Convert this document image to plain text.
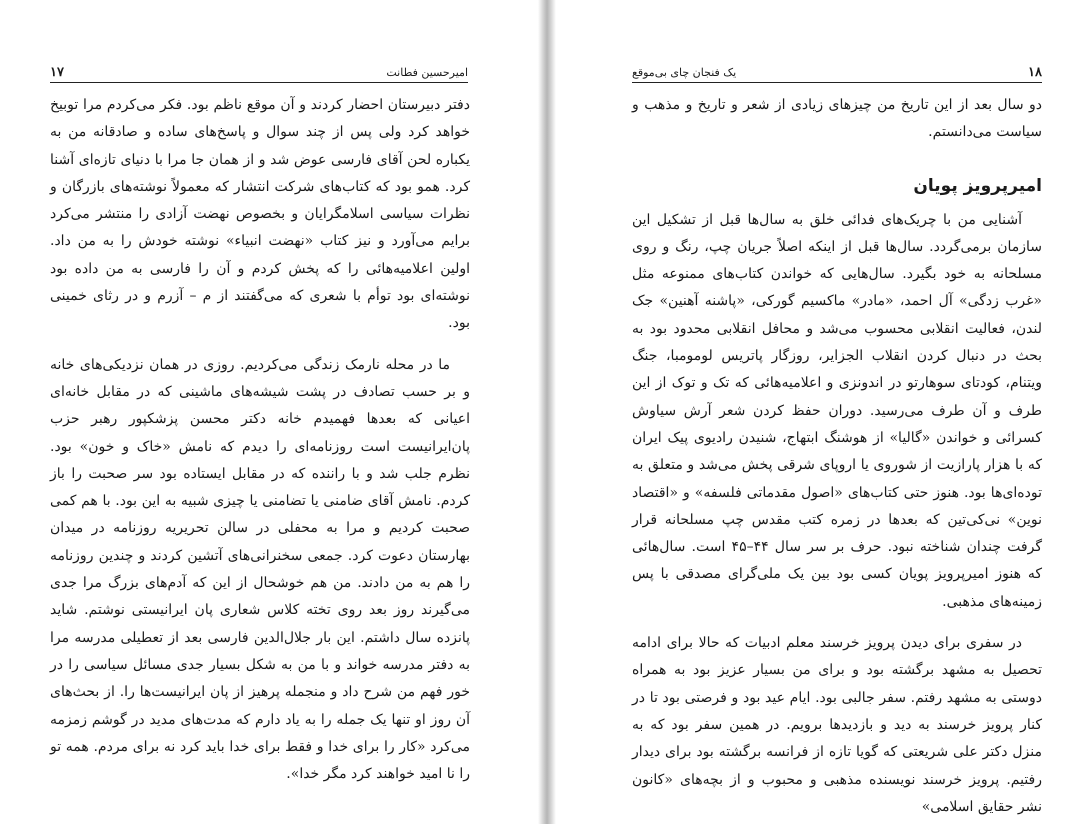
امیرحسین فطانت
۱۷

دفتر دبیرستان احضار کردند و آن موقع ناظم بود. فکر می‌کردم مرا توبیخ خواهد کرد ولی پس از چند سوال و پاسخ‌های ساده و صادقانه من به یکباره لحن آقای فارسی عوض شد و از همان جا مرا با دنیای تازه‌ای آشنا کرد. همو بود که کتاب‌های شرکت انتشار که معمولاً نوشته‌های بازرگان و نظرات سیاسی اسلامگرایان و بخصوص نهضت آزادی را منتشر می‌کرد برایم می‌آورد و نیز کتاب «نهضت انبیاء» نوشته خودش را به من داد. اولین اعلامیه‌هائی را که پخش کردم و آن را فارسی به من داده بود نوشته‌ای بود توأم با شعری که می‌گفتند از م – آزرم و در رثای خمینی بود.

ما در محله نارمک زندگی می‌کردیم. روزی در همان نزدیکی‌های خانه و بر حسب تصادف در پشت شیشه‌های ماشینی که در مقابل خانه‌ای اعیانی که بعدها فهمیدم خانه دکتر محسن پزشکپور رهبر حزب پان‌ایرانیست است روزنامه‌ای را دیدم که نامش «خاک و خون» بود. نظرم جلب شد و با راننده که در مقابل ایستاده بود سر صحبت را باز کردم. نامش آقای ضامنی یا تضامنی یا چیزی شبیه به این بود. با هم کمی صحبت کردیم و مرا به محفلی در سالن تحریریه روزنامه در میدان بهارستان دعوت کرد. جمعی سخنرانی‌های آتشین کردند و چندین روزنامه را هم به من دادند. من هم خوشحال از این که آدم‌های بزرگ مرا جدی می‌گیرند روز بعد روی تخته کلاس شعاری پان ایرانیستی نوشتم. شاید پانزده سال داشتم. این بار جلال‌الدین فارسی بعد از تعطیلی مدرسه مرا به دفتر مدرسه خواند و با من به شکل بسیار جدی مسائل سیاسی را در خور فهم من شرح داد و منجمله پرهیز از پان ایرانیست‌ها را. از بحث‌های آن روز او تنها یک جمله را به یاد دارم که مدت‌های مدید در گوشم زمزمه می‌کرد «کار را برای خدا و فقط برای خدا باید کرد نه برای مردم. همه تو را نا امید خواهند کرد مگر خدا».

۱۸
یک فنجان چای بی‌موقع

دو سال بعد از این تاریخ من چیزهای زیادی از شعر و تاریخ و مذهب و سیاست می‌دانستم.

امیرپرویز پویان

آشنایی من با چریک‌های فدائی خلق به سال‌ها قبل از تشکیل این سازمان برمی‌گردد. سال‌ها قبل از اینکه اصلاً جریان چپ، رنگ و روی مسلحانه به خود بگیرد. سال‌هایی که خواندن کتاب‌های ممنوعه مثل «غرب زدگی» آل احمد، «مادر» ماکسیم گورکی، «پاشنه آهنین» جک لندن، فعالیت انقلابی محسوب می‌شد و محافل انقلابی محدود بود به بحث در دنبال کردن انقلاب الجزایر، روزگار پاتریس لومومبا، جنگ ویتنام، کودتای سوهارتو در اندونزی و اعلامیه‌هائی که تک و توک از این طرف و آن طرف می‌رسید. دوران حفظ کردن شعر آرش سیاوش کسرائی و خواندن «گالیا» از هوشنگ ابتهاج، شنیدن رادیوی پیک ایران که با هزار پارازیت از شوروی یا اروپای شرقی پخش می‌شد و متعلق به توده‌ای‌ها بود. هنوز حتی کتاب‌های «اصول مقدماتی فلسفه» و «اقتصاد نوین» نی‌کی‌تین که بعدها در زمره کتب مقدس چپ مسلحانه قرار گرفت چندان شناخته نبود. حرف بر سر سال ۴۴–۴۵ است. سال‌هائی که هنوز امیرپرویز پویان کسی بود بین یک ملی‌گرای مصدقی با پس زمینه‌های مذهبی.

در سفری برای دیدن پرویز خرسند معلم ادبیات که حالا برای ادامه تحصیل به مشهد برگشته بود و برای من بسیار عزیز بود به همراه دوستی به مشهد رفتم. سفر جالبی بود. ایام عید بود و فرصتی بود تا در کنار پرویز خرسند به دید و بازدیدها برویم. در همین سفر بود که به منزل دکتر علی شریعتی که گویا تازه از فرانسه برگشته بود برای دیدار رفتیم. پرویز خرسند نویسنده مذهبی و محبوب و از بچه‌های «کانون نشر حقایق اسلامی»
